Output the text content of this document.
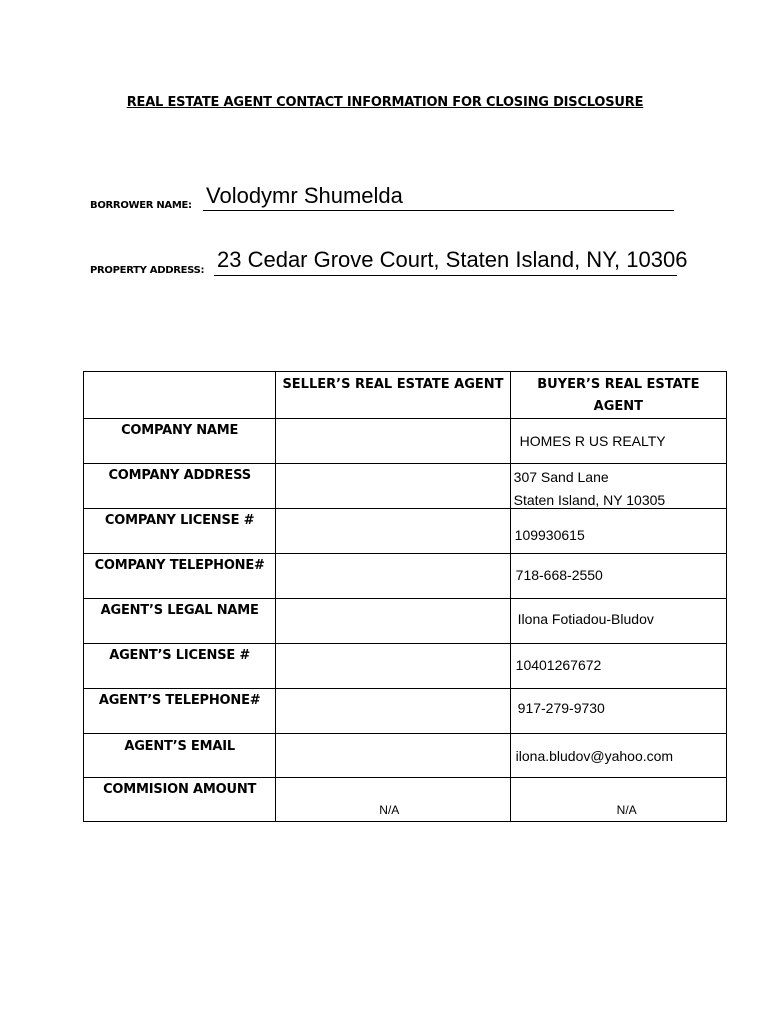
REAL ESTATE AGENT CONTACT INFORMATION FOR CLOSING DISCLOSURE
BORROWER NAME: Volodymr Shumelda
PROPERTY ADDRESS: 23 Cedar Grove Court, Staten Island, NY, 10306
	SELLER’S REAL ESTATE AGENT	BUYER’S REAL ESTATE AGENT

COMPANY NAME		HOMES R US REALTY

COMPANY ADDRESS		307 Sand Lane
Staten Island, NY 10305

COMPANY LICENSE #		109930615

COMPANY TELEPHONE#		718-668-2550

AGENT’S LEGAL NAME		Ilona Fotiadou-Bludov

AGENT’S LICENSE #		10401267672

AGENT’S TELEPHONE#		917-279-9730

AGENT’S EMAIL		ilona.bludov@yahoo.com

COMMISION AMOUNT	N/A	N/A
